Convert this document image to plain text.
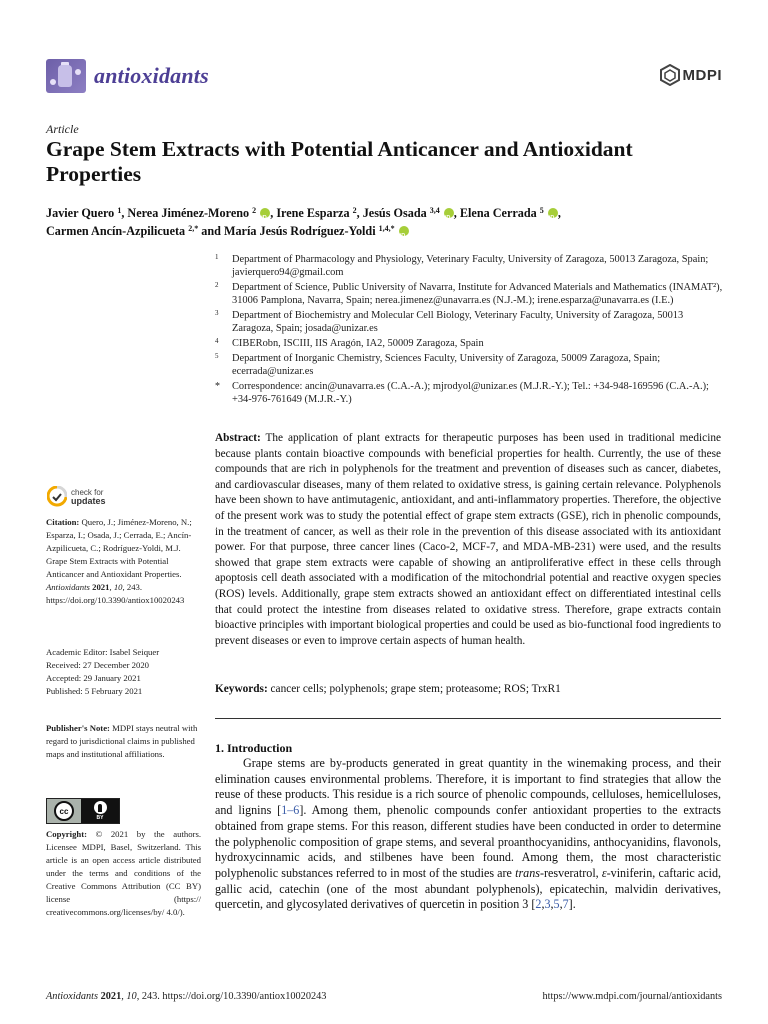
antioxidants	MDPI
Article
Grape Stem Extracts with Potential Anticancer and Antioxidant Properties
Javier Quero $^1$, Nerea Jiménez-Moreno $^2$ iD , Irene Esparza $^2$, Jesús Osada $^{3,4}$ iD , Elena Cerrada $^5$ iD ,
Carmen Ancín-Azpilicueta $^{2,*}$ and María Jesús Rodríguez-Yoldi $^{1,4,*}$ iD
1 Department of Pharmacology and Physiology, Veterinary Faculty, University of Zaragoza, 50013 Zaragoza, Spain; javierquero94@gmail.com
2 Department of Science, Public University of Navarra, Institute for Advanced Materials and Mathematics (INAMAT²), 31006 Pamplona, Navarra, Spain; nerea.jimenez@unavarra.es (N.J.-M.); irene.esparza@unavarra.es (I.E.)
3 Department of Biochemistry and Molecular Cell Biology, Veterinary Faculty, University of Zaragoza, 50013 Zaragoza, Spain; josada@unizar.es
4 CIBERobn, ISCIII, IIS Aragón, IA2, 50009 Zaragoza, Spain
5 Department of Inorganic Chemistry, Sciences Faculty, University of Zaragoza, 50009 Zaragoza, Spain; ecerrada@unizar.es
* Correspondence: ancin@unavarra.es (C.A.-A.); mjrodyol@unizar.es (M.J.R.-Y.); Tel.: +34-948-169596 (C.A.-A.); +34-976-761649 (M.J.R.-Y.)
Abstract: The application of plant extracts for therapeutic purposes has been used in traditional medicine because plants contain bioactive compounds with beneficial properties for health. Currently, the use of these compounds that are rich in polyphenols for the treatment and prevention of diseases such as cancer, diabetes, and cardiovascular diseases, many of them related to oxidative stress, is gaining certain relevance. Polyphenols have been shown to have antimutagenic, antioxidant, and anti-inflammatory properties. Therefore, the objective of the present work was to study the potential effect of grape stem extracts (GSE), rich in phenolic compounds, in the treatment of cancer, as well as their role in the prevention of this disease associated with its antioxidant power. For that purpose, three cancer lines (Caco-2, MCF-7, and MDA-MB-231) were used, and the results showed that grape stem extracts were capable of showing an antiproliferative effect in these cells through apoptosis cell death associated with a modification of the mitochondrial potential and reactive oxygen species (ROS) levels. Additionally, grape stem extracts showed an antioxidant effect on differentiated intestinal cells that could protect the intestine from diseases related to oxidative stress. Therefore, grape extracts contain bioactive principles with important biological properties and could be used as bio-functional food ingredients to prevent diseases or even to improve certain aspects of human health.
Keywords: cancer cells; polyphenols; grape stem; proteasome; ROS; TrxR1
1. Introduction

Grape stems are by-products generated in great quantity in the winemaking process, and their elimination causes environmental problems. Therefore, it is important to find strategies that allow the reuse of these products. This residue is a rich source of phenolic compounds, celluloses, hemicelluloses, and lignins [1–6]. Among them, phenolic compounds confer antioxidant properties to the extracts obtained from grape stems. For this reason, different studies have been conducted in order to determine the polyphenolic composition of grape stems, and several proanthocyanidins, anthocyanidins, flavonols, hydroxycinnamic acids, and stilbenes have been found. Among them, the most characteristic polyphenolic substances referred to in most of the studies are trans-resveratrol, ε-viniferin, caftaric acid, gallic acid, catechin (one of the most abundant polyphenols), epicatechin, malvidin derivatives, quercetin, and glycosylated derivatives of quercetin in position 3 [2,3,5,7].

check for
updates
Citation: Quero, J.; Jiménez-Moreno, N.; Esparza, I.; Osada, J.; Cerrada, E.; Ancín-Azpilicueta, C.; Rodríguez-Yoldi, M.J. Grape Stem Extracts with Potential Anticancer and Antioxidant Properties. Antioxidants 2021, 10, 243. https://doi.org/10.3390/antiox10020243
Academic Editor: Isabel Seiquer
Received: 27 December 2020
Accepted: 29 January 2021
Published: 5 February 2021
Publisher's Note: MDPI stays neutral with regard to jurisdictional claims in published maps and institutional affiliations.
cc
BY
Copyright: © 2021 by the authors. Licensee MDPI, Basel, Switzerland. This article is an open access article distributed under the terms and conditions of the Creative Commons Attribution (CC BY) license (https:// creativecommons.org/licenses/by/ 4.0/).
Antioxidants 2021, 10, 243. https://doi.org/10.3390/antiox10020243	https://www.mdpi.com/journal/antioxidants
